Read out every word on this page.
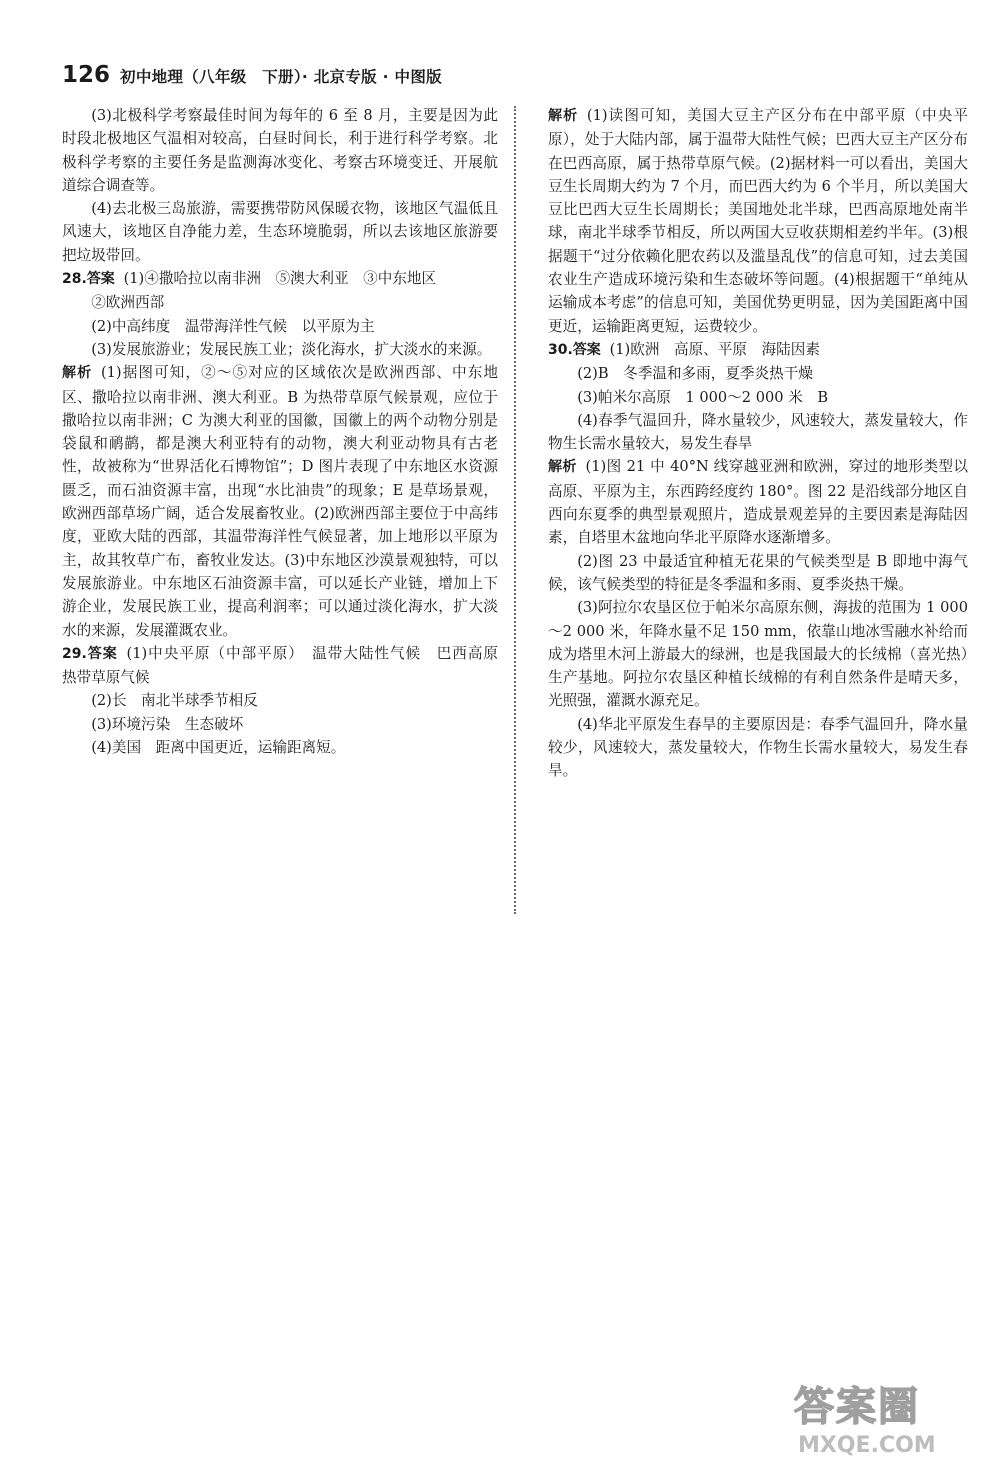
126 初中地理（八年级　下册）· 北京专版 · 中图版

(3)北极科学考察最佳时间为每年的 6 至 8 月，主要是因为此时段北极地区气温相对较高，白昼时间长，利于进行科学考察。北极科学考察的主要任务是监测海冰变化、考察古环境变迁、开展航道综合调查等。

(4)去北极三岛旅游，需要携带防风保暖衣物，该地区气温低且风速大，该地区自净能力差，生态环境脆弱，所以去该地区旅游要把垃圾带回。

28.答案 (1)④撒哈拉以南非洲　⑤澳大利亚　③中东地区

②欧洲西部

(2)中高纬度　温带海洋性气候　以平原为主

(3)发展旅游业；发展民族工业；淡化海水，扩大淡水的来源。

解析 (1)据图可知，②～⑤对应的区域依次是欧洲西部、中东地区、撒哈拉以南非洲、澳大利亚。B 为热带草原气候景观，应位于撒哈拉以南非洲；C 为澳大利亚的国徽，国徽上的两个动物分别是袋鼠和鸸鹋，都是澳大利亚特有的动物，澳大利亚动物具有古老性，故被称为“世界活化石博物馆”；D 图片表现了中东地区水资源匮乏，而石油资源丰富，出现“水比油贵”的现象；E 是草场景观，欧洲西部草场广阔，适合发展畜牧业。(2)欧洲西部主要位于中高纬度，亚欧大陆的西部，其温带海洋性气候显著，加上地形以平原为主，故其牧草广布，畜牧业发达。(3)中东地区沙漠景观独特，可以发展旅游业。中东地区石油资源丰富，可以延长产业链，增加上下游企业，发展民族工业，提高利润率；可以通过淡化海水，扩大淡水的来源，发展灌溉农业。

29.答案 (1)中央平原（中部平原）　温带大陆性气候　巴西高原　热带草原气候

(2)长　南北半球季节相反

(3)环境污染　生态破坏

(4)美国　距离中国更近，运输距离短。

解析 (1)读图可知，美国大豆主产区分布在中部平原（中央平原），处于大陆内部，属于温带大陆性气候；巴西大豆主产区分布在巴西高原，属于热带草原气候。(2)据材料一可以看出，美国大豆生长周期大约为 7 个月，而巴西大约为 6 个半月，所以美国大豆比巴西大豆生长周期长；美国地处北半球，巴西高原地处南半球，南北半球季节相反，所以两国大豆收获期相差约半年。(3)根据题干“过分依赖化肥农药以及滥垦乱伐”的信息可知，过去美国农业生产造成环境污染和生态破坏等问题。(4)根据题干“单纯从运输成本考虑”的信息可知，美国优势更明显，因为美国距离中国更近，运输距离更短，运费较少。

30.答案 (1)欧洲　高原、平原　海陆因素

(2)B　冬季温和多雨，夏季炎热干燥

(3)帕米尔高原　1 000～2 000 米　B

(4)春季气温回升，降水量较少，风速较大，蒸发量较大，作物生长需水量较大，易发生春旱

解析 (1)图 21 中 40°N 线穿越亚洲和欧洲，穿过的地形类型以高原、平原为主，东西跨经度约 180°。图 22 是沿线部分地区自西向东夏季的典型景观照片，造成景观差异的主要因素是海陆因素，自塔里木盆地向华北平原降水逐渐增多。

(2)图 23 中最适宜种植无花果的气候类型是 B 即地中海气候，该气候类型的特征是冬季温和多雨、夏季炎热干燥。

(3)阿拉尔农垦区位于帕米尔高原东侧，海拔的范围为 1 000～2 000 米，年降水量不足 150 mm，依靠山地冰雪融水补给而成为塔里木河上游最大的绿洲，也是我国最大的长绒棉（喜光热）生产基地。阿拉尔农垦区种植长绒棉的有利自然条件是晴天多，光照强，灌溉水源充足。

(4)华北平原发生春旱的主要原因是：春季气温回升，降水量较少，风速较大，蒸发量较大，作物生长需水量较大，易发生春旱。

答案圈
MXQE.COM
